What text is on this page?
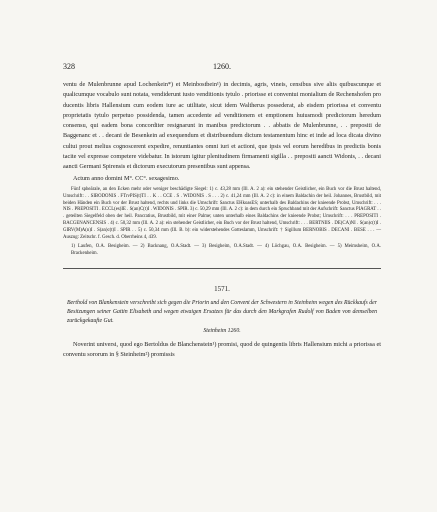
328	1260.
ventu de Mulenbrunne apud Lochenkein*) et Meinbostbein¹) in decimis, agris, vineis, censibus sive aliis quibuscunque et qualicumque vocabulo sunt notata, vendiderunt iusto venditionis tytulo . priorisse et conventui monialium de Rechenshofen pro ducentis libris Hallensium cum eodem iure ac utilitate, sicut idem Waltherus possederat, ab eisdem priorissa et conventu proprietatis tytulo perpetuo possidenda, tamen accedente ad venditionem et emptionem huiusmodi predictorum heredum consensu, qui eadem bona concorditer resignarunt in manibus predictorum . . abbatis de Mulenbrunne, . . prepositi de Baggenanc et . . decani de Besenkein ad exequendum et distribuendum dictum testamentum hinc et inde ad loca dicata divino cultui prout melius cognoscerent expedire, renuntiantes omni iuri et actioni, que ipsis vel eorum heredibus in predictis bonis tacite vel expresse competere videbatur. In istorum igitur plenitudinem firmamenti sigilla . . prepositi aancti Widonis, . . decani aancti Germani Spirensis et dictorum executorum presentibus sunt appensa.
Actum anno domini M°. CC°. sexagesimo.
Fünf spheärale, an den Ecken mehr oder weniger beschädigte Siegel: 1) c. 43,28 mm (Ill. A. 2 a): ein stehender Geistlicher, ein Buch vor die Brust haltend, Umschrift: . . SIBODONIS . FTrvPIS(t)TI . . K . . CCE . S . WIDONIS . S . . . 2) c. 41,24 mm (Ill. A. 2 c): in einem Baldachin der heil. Johannes, Brustbild, mit beiden Händen ein Buch vor der Brust haltend, rechts und links die Umschrift: Sanctus EHkoasES; unterhalb des Baldachins der knieende Probst, Umschrift: . . . NIS . PREPOSITI . ECCL(es)IE . S(an)C(t)I . WIDONIS . SPIR. 3) c. 50,29 mm (Ill. A. 2 c): in dem durch ein Spruchband mit der Aufschrift: Sanctus PIAGRAT . . . geteilten Siegelfeld oben der heil. Pancratius, Brustbild, mit einer Palme; unten unterhalb eines Baldachins der knieende Probst; Umschrift: . . . PREPOSITI . BACGENANCENSIS . 4) c. 50,32 mm (Ill. A. 2 a): ein stehender Geistlicher, ein Buch vor der Brust haltend, Umschrift: . . . BERTNIIS . DE(CA)NI . S(an)c(t)I . GIRV(M)A(n)I . S(an)c(t)I . SPIR . . 5) c. 50,34 mm (Ill. B. b): ein widerstehendes Gotteslamm, Umschrift: † Sigillum BERNOBIS . DECANI . BESE . . . — Auszug: Zeitschr. f. Gesch. d. Oberrheins 4, 439.
1) Laufen, O.A. Besigheim. — 2) Backnang, O.A.Stadt. — 3) Besigheim, O.A.Stadt. — 4) Löchgau, O.A. Besigheim. — 5) Meimsheim, O.A. Brackenheim.
1571.
Berthold von Blankenstein verschreibt sich gegen die Priorin und den Convent der Schwestern in Steinheim wegen des Rückkaufs der Besitzungen seiner Gattin Elisabeth und wegen etwaigen Ersatzes für das durch den Markgrafen Rudolf von Baden von demselben zurückgekaufte Gut.
Steinheim 1260.
Noverint universi, quod ego Bertoldus de Blanchenstein¹) promisi, quod de quingentis libris Hallensium michi a priorissa et conventu sororum in § Steinheim²) promissis
